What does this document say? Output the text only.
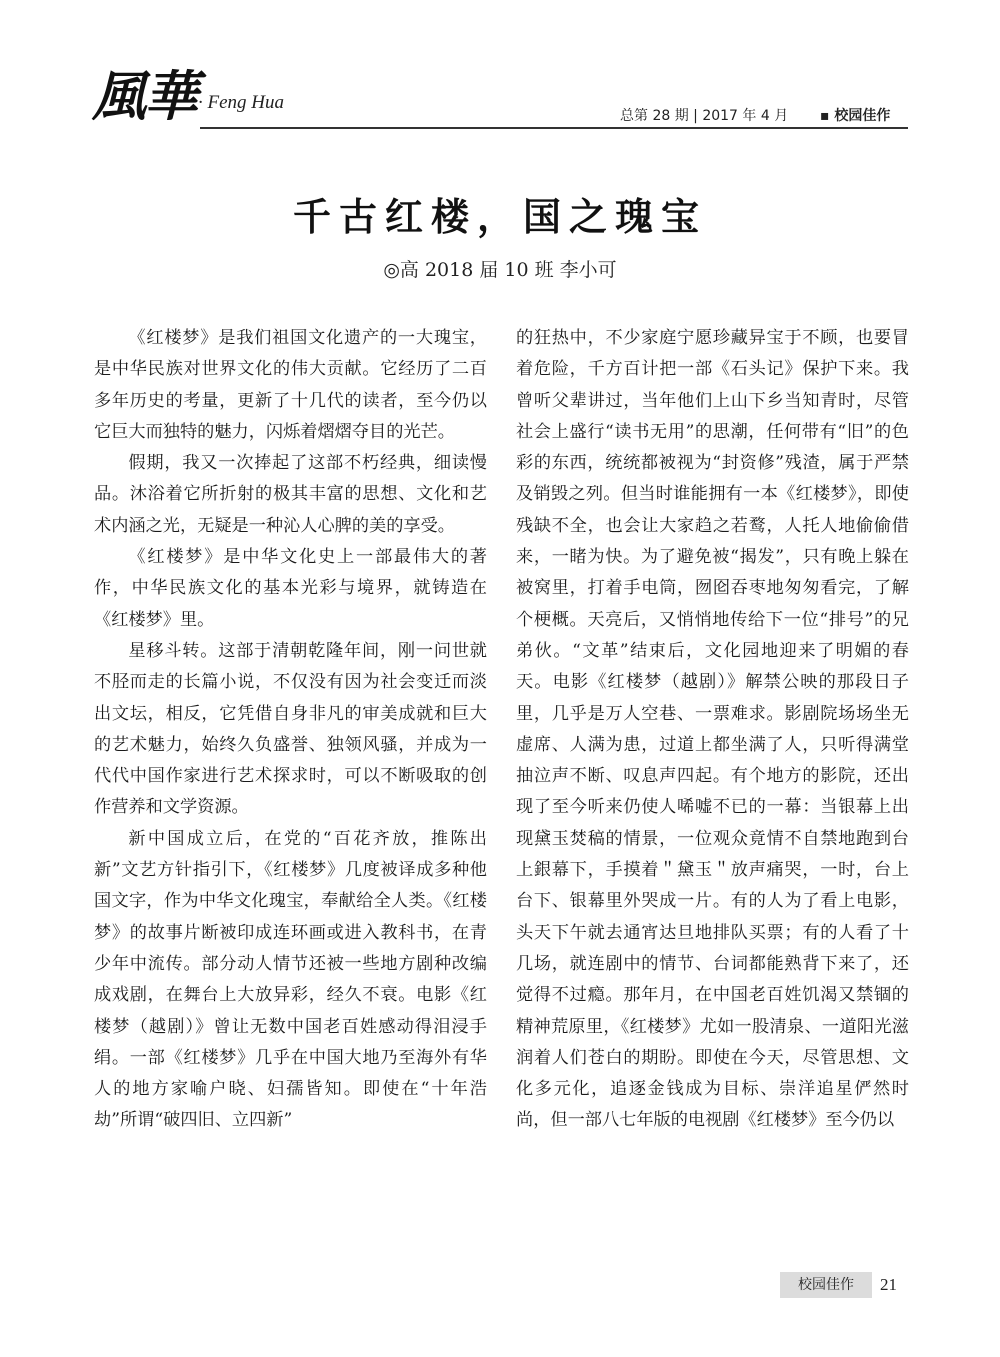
風華 · Feng Hua
总第 28 期 | 2017 年 4 月 ▪ 校园佳作
千古红楼，国之瑰宝
◎高 2018 届 10 班 李小可

《红楼梦》是我们祖国文化遗产的一大瑰宝，是中华民族对世界文化的伟大贡献。它经历了二百多年历史的考量，更新了十几代的读者，至今仍以它巨大而独特的魅力，闪烁着熠熠夺目的光芒。

假期，我又一次捧起了这部不朽经典，细读慢品。沐浴着它所折射的极其丰富的思想、文化和艺术内涵之光，无疑是一种沁人心脾的美的享受。

《红楼梦》是中华文化史上一部最伟大的著作，中华民族文化的基本光彩与境界，就铸造在《红楼梦》里。

星移斗转。这部于清朝乾隆年间，刚一问世就不胫而走的长篇小说，不仅没有因为社会变迁而淡出文坛，相反，它凭借自身非凡的审美成就和巨大的艺术魅力，始终久负盛誉、独领风骚，并成为一代代中国作家进行艺术探求时，可以不断吸取的创作营养和文学资源。

新中国成立后，在党的“百花齐放，推陈出新”文艺方针指引下，《红楼梦》几度被译成多种他国文字，作为中华文化瑰宝，奉献给全人类。《红楼梦》的故事片断被印成连环画或进入教科书，在青少年中流传。部分动人情节还被一些地方剧种改编成戏剧，在舞台上大放异彩，经久不衰。电影《红楼梦（越剧）》曾让无数中国老百姓感动得泪浸手绢。一部《红楼梦》几乎在中国大地乃至海外有华人的地方家喻户晓、妇孺皆知。即使在“十年浩劫”所谓“破四旧、立四新”

的狂热中，不少家庭宁愿珍藏异宝于不顾，也要冒着危险，千方百计把一部《石头记》保护下来。我曾听父辈讲过，当年他们上山下乡当知青时，尽管社会上盛行“读书无用”的思潮，任何带有“旧”的色彩的东西，统统都被视为“封资修”残渣，属于严禁及销毁之列。但当时谁能拥有一本《红楼梦》，即使残缺不全，也会让大家趋之若鹜，人托人地偷偷借来，一睹为快。为了避免被“揭发”，只有晚上躲在被窝里，打着手电筒，囫囵吞枣地匆匆看完，了解个梗概。天亮后，又悄悄地传给下一位“排号”的兄弟伙。“文革”结束后，文化园地迎来了明媚的春天。电影《红楼梦（越剧）》解禁公映的那段日子里，几乎是万人空巷、一票难求。影剧院场场坐无虚席、人满为患，过道上都坐满了人，只听得满堂抽泣声不断、叹息声四起。有个地方的影院，还出现了至今听来仍使人唏嘘不已的一幕：当银幕上出现黛玉焚稿的情景，一位观众竟情不自禁地跑到台上銀幕下，手摸着＂黛玉＂放声痛哭，一时，台上台下、银幕里外哭成一片。有的人为了看上电影，头天下午就去通宵达旦地排队买票；有的人看了十几场，就连剧中的情节、台词都能熟背下来了，还觉得不过瘾。那年月，在中国老百姓饥渴又禁锢的精神荒原里，《红楼梦》尤如一股清泉、一道阳光滋润着人们苍白的期盼。即使在今天，尽管思想、文化多元化，追逐金钱成为目标、崇洋追星俨然时尚，但一部八七年版的电视剧《红楼梦》至今仍以

校园佳作	21
